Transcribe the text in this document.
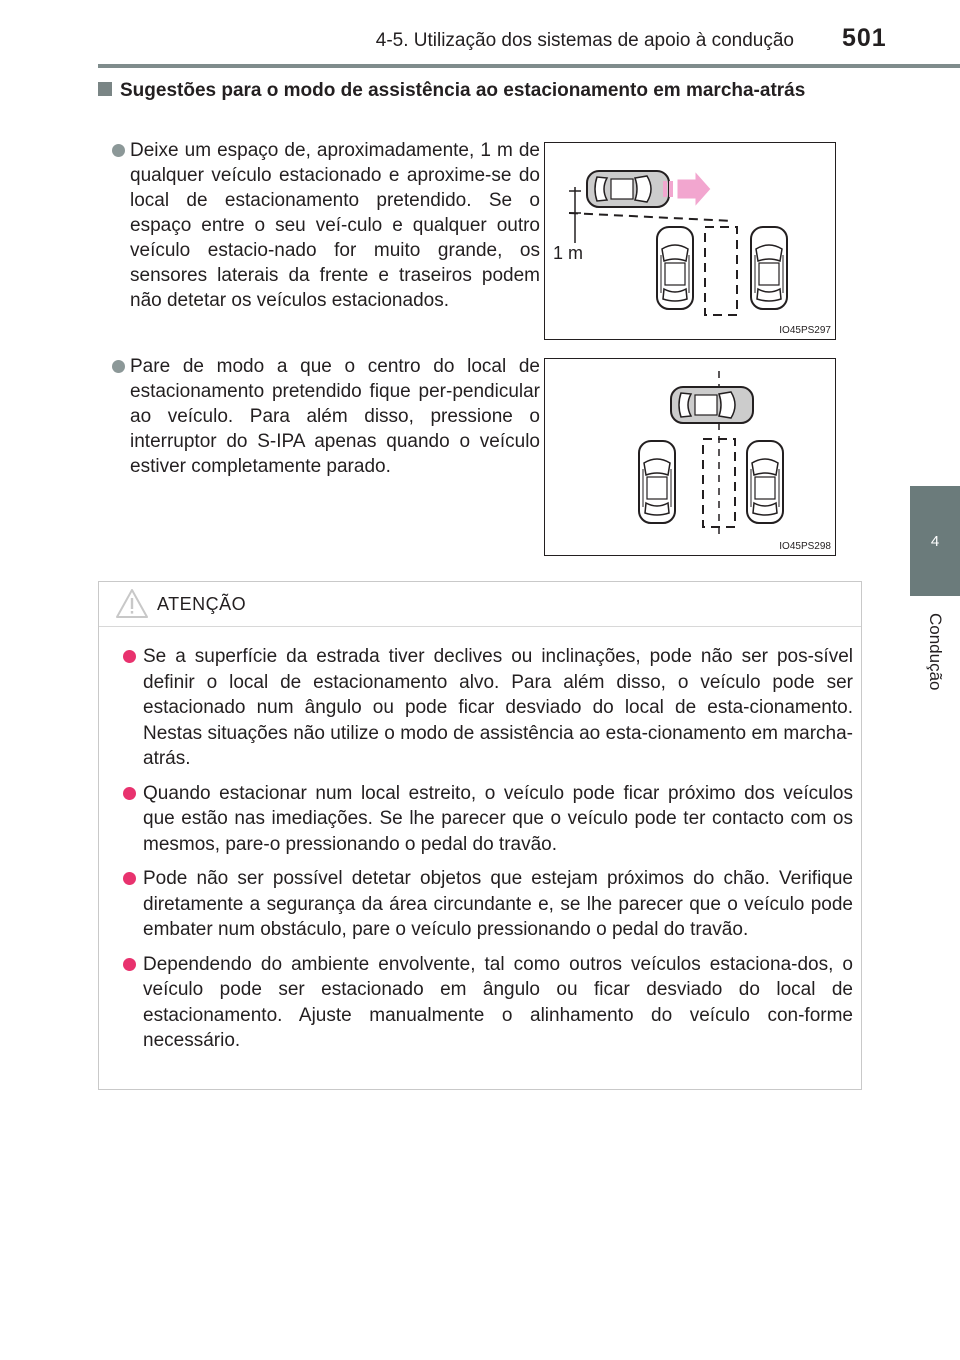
4-5. Utilização dos sistemas de apoio à condução 501
4
Condução
Sugestões para o modo de assistência ao estacionamento em marcha-atrás
Deixe um espaço de, aproximadamente, 1 m de qualquer veículo estacionado e aproxime-se do local de estacionamento pretendido. Se o espaço entre o seu veí-culo e qualquer outro veículo estacio-nado for muito grande, os sensores laterais da frente e traseiros podem não detetar os veículos estacionados.
1 m
IO45PS297
Pare de modo a que o centro do local de estacionamento pretendido fique per-pendicular ao veículo. Para além disso, pressione o interruptor do S-IPA apenas quando o veículo estiver completamente parado.
IO45PS298
ATENÇÃO
Se a superfície da estrada tiver declives ou inclinações, pode não ser pos-sível definir o local de estacionamento alvo. Para além disso, o veículo pode ser estacionado num ângulo ou pode ficar desviado do local de esta-cionamento. Nestas situações não utilize o modo de assistência ao esta-cionamento em marcha-atrás.
Quando estacionar num local estreito, o veículo pode ficar próximo dos veículos que estão nas imediações. Se lhe parecer que o veículo pode ter contacto com os mesmos, pare-o pressionando o pedal do travão.
Pode não ser possível detetar objetos que estejam próximos do chão. Verifique diretamente a segurança da área circundante e, se lhe parecer que o veículo pode embater num obstáculo, pare o veículo pressionando o pedal do travão.
Dependendo do ambiente envolvente, tal como outros veículos estaciona-dos, o veículo pode ser estacionado em ângulo ou ficar desviado do local de estacionamento. Ajuste manualmente o alinhamento do veículo con-forme necessário.
